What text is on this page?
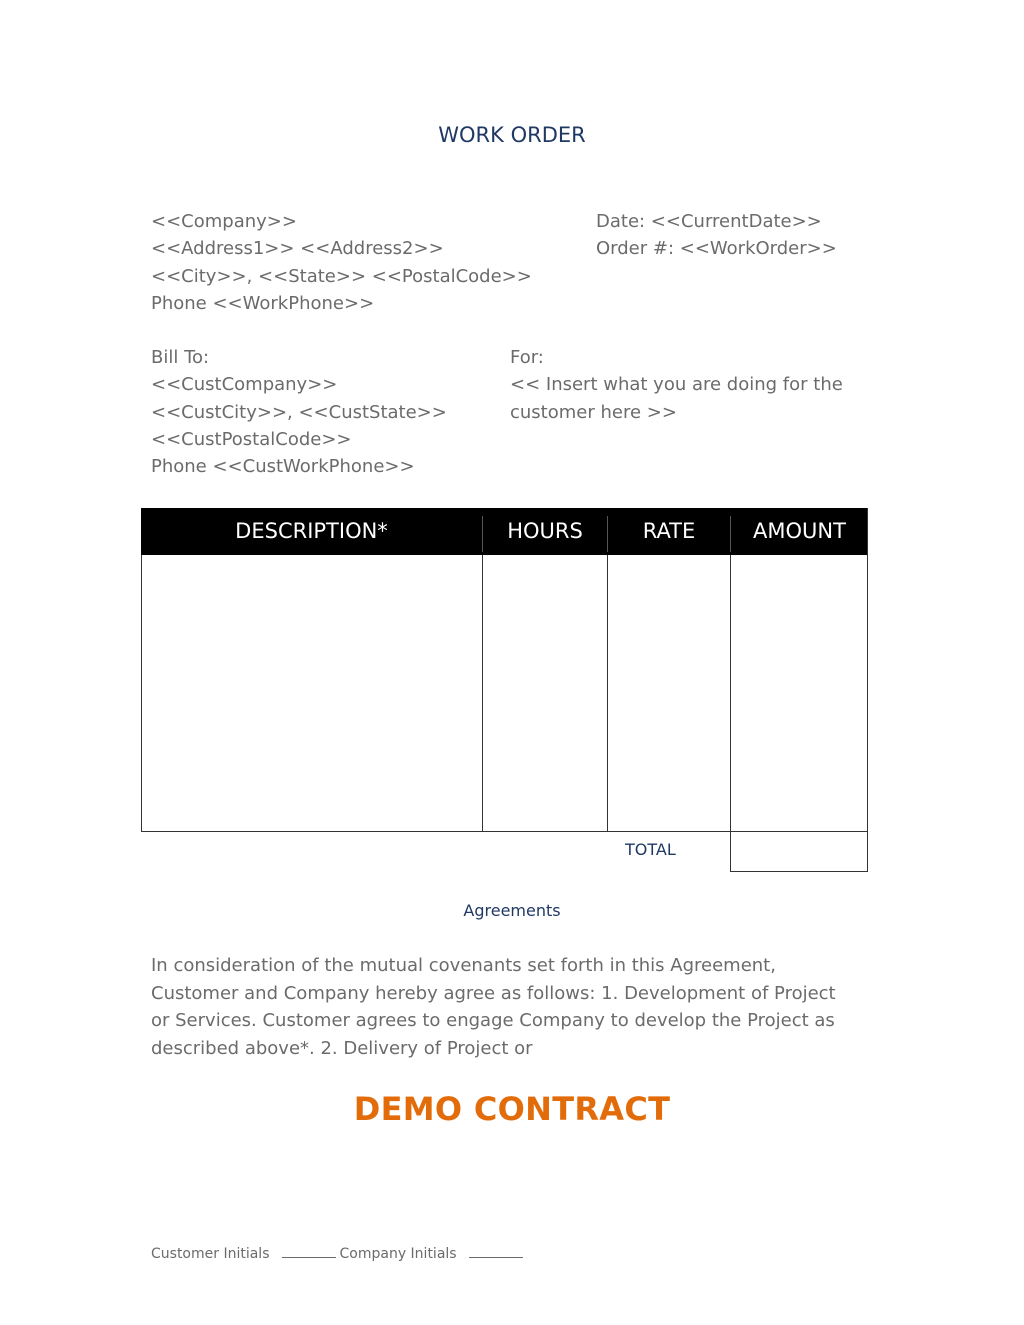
WORK ORDER
<<Company>>
<<Address1>> <<Address2>>
<<City>>, <<State>> <<PostalCode>>
Phone <<WorkPhone>>
Date: <<CurrentDate>>
Order #: <<WorkOrder>>
Bill To:
<<CustCompany>>
<<CustCity>>, <<CustState>>
<<CustPostalCode>>
Phone <<CustWorkPhone>>
For:
<< Insert what you are doing for the
customer here >>
DESCRIPTION*	HOURS	RATE	AMOUNT
TOTAL
Agreements
In consideration of the mutual covenants set forth in this Agreement,
Customer and Company hereby agree as follows: 1. Development of Project
or Services. Customer agrees to engage Company to develop the Project as
described above*. 2. Delivery of Project or
DEMO CONTRACT
Customer Initials	Company Initials
